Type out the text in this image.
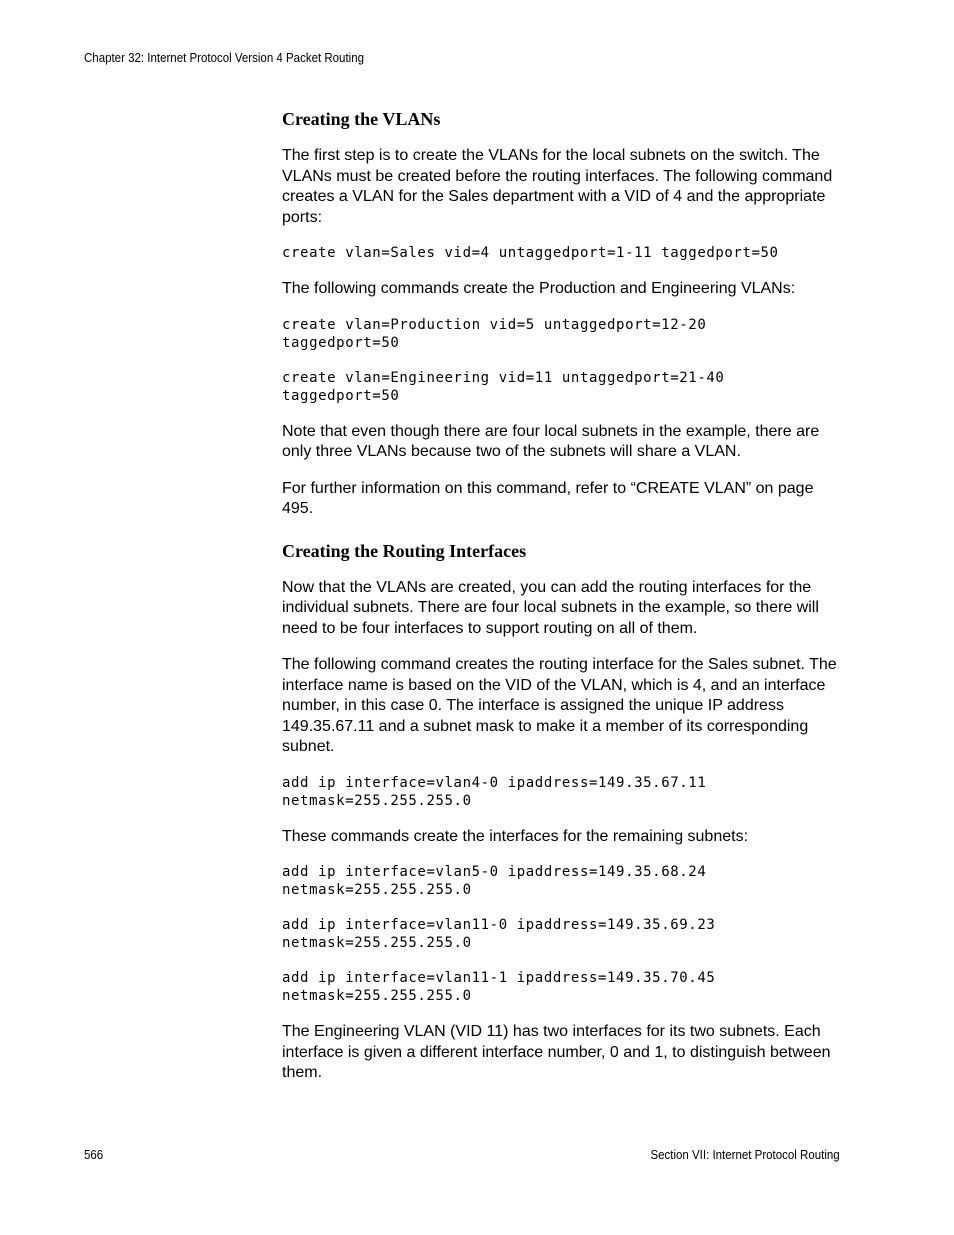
Chapter 32: Internet Protocol Version 4 Packet Routing
Creating the VLANs

The first step is to create the VLANs for the local subnets on the switch. The VLANs must be created before the routing interfaces. The following command creates a VLAN for the Sales department with a VID of 4 and the appropriate ports:

create vlan=Sales vid=4 untaggedport=1-11 taggedport=50

The following commands create the Production and Engineering VLANs:

create vlan=Production vid=5 untaggedport=12-20
taggedport=50
create vlan=Engineering vid=11 untaggedport=21-40
taggedport=50

Note that even though there are four local subnets in the example, there are only three VLANs because two of the subnets will share a VLAN.

For further information on this command, refer to “CREATE VLAN” on page 495.

Creating the Routing Interfaces

Now that the VLANs are created, you can add the routing interfaces for the individual subnets. There are four local subnets in the example, so there will need to be four interfaces to support routing on all of them.

The following command creates the routing interface for the Sales subnet. The interface name is based on the VID of the VLAN, which is 4, and an interface number, in this case 0. The interface is assigned the unique IP address 149.35.67.11 and a subnet mask to make it a member of its corresponding subnet.

add ip interface=vlan4-0 ipaddress=149.35.67.11
netmask=255.255.255.0

These commands create the interfaces for the remaining subnets:

add ip interface=vlan5-0 ipaddress=149.35.68.24
netmask=255.255.255.0
add ip interface=vlan11-0 ipaddress=149.35.69.23
netmask=255.255.255.0
add ip interface=vlan11-1 ipaddress=149.35.70.45
netmask=255.255.255.0

The Engineering VLAN (VID 11) has two interfaces for its two subnets. Each interface is given a different interface number, 0 and 1, to distinguish between them.

566	Section VII: Internet Protocol Routing
